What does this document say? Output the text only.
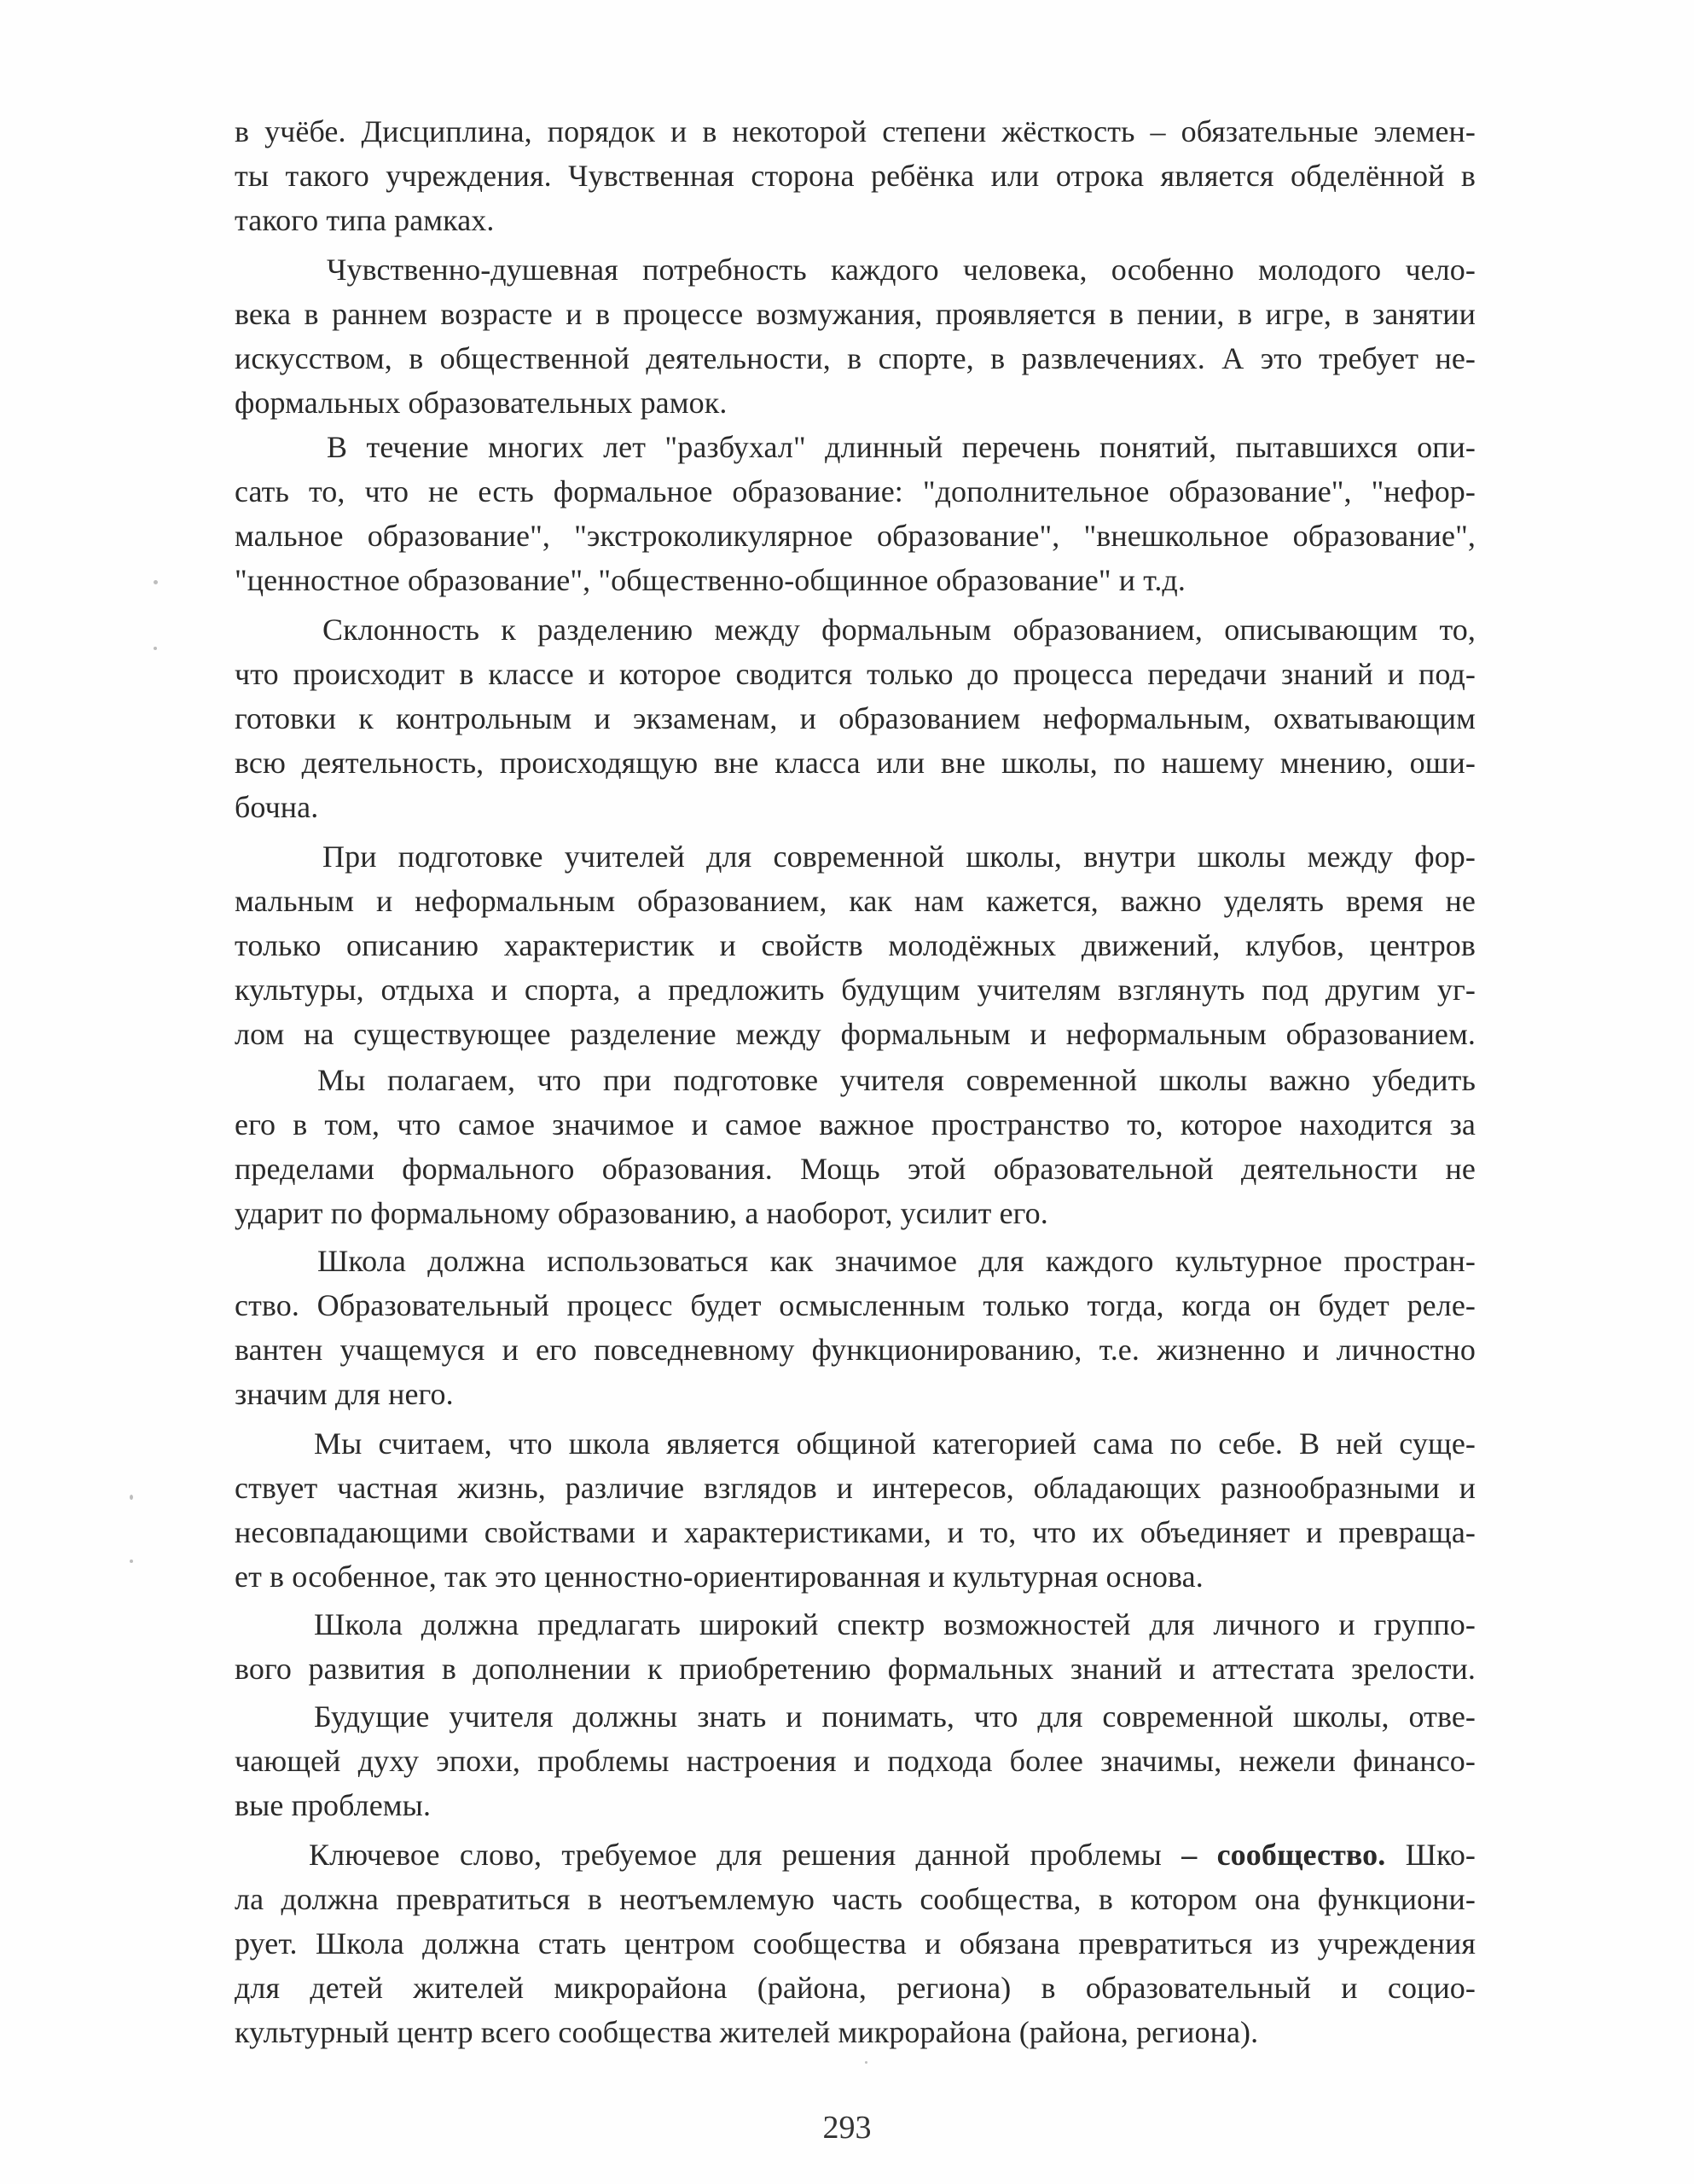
в учёбе. Дисциплина, порядок и в некоторой степени жёсткость – обязательные элемен-
ты такого учреждения. Чувственная сторона ребёнка или отрока является обделённой в
такого типа рамках.
Чувственно-душевная потребность каждого человека, особенно молодого чело-
века в раннем возрасте и в процессе возмужания, проявляется в пении, в игре, в занятии
искусством, в общественной деятельности, в спорте, в развлечениях. А это требует не-
формальных образовательных рамок.
В течение многих лет "разбухал" длинный перечень понятий, пытавшихся опи-
сать то, что не есть формальное образование: "дополнительное образование", "нефор-
мальное образование", "экстроколикулярное образование", "внешкольное образование",
"ценностное образование", "общественно-общинное образование" и т.д.
Склонность к разделению между формальным образованием, описывающим то,
что происходит в классе и которое сводится только до процесса передачи знаний и под-
готовки к контрольным и экзаменам, и образованием неформальным, охватывающим
всю деятельность, происходящую вне класса или вне школы, по нашему мнению, оши-
бочна.
При подготовке учителей для современной школы, внутри школы между фор-
мальным и неформальным образованием, как нам кажется, важно уделять время не
только описанию характеристик и свойств молодёжных движений, клубов, центров
культуры, отдыха и спорта, а предложить будущим учителям взглянуть под другим уг-
лом на существующее разделение между формальным и неформальным образованием.
Мы полагаем, что при подготовке учителя современной школы важно убедить
его в том, что самое значимое и самое важное пространство то, которое находится за
пределами формального образования. Мощь этой образовательной деятельности не
ударит по формальному образованию, а наоборот, усилит его.
Школа должна использоваться как значимое для каждого культурное простран-
ство. Образовательный процесс будет осмысленным только тогда, когда он будет реле-
вантен учащемуся и его повседневному функционированию, т.е. жизненно и личностно
значим для него.
Мы считаем, что школа является общиной категорией сама по себе. В ней суще-
ствует частная жизнь, различие взглядов и интересов, обладающих разнообразными и
несовпадающими свойствами и характеристиками, и то, что их объединяет и превраща-
ет в особенное, так это ценностно-ориентированная и культурная основа.
Школа должна предлагать широкий спектр возможностей для личного и группо-
вого развития в дополнении к приобретению формальных знаний и аттестата зрелости.
Будущие учителя должны знать и понимать, что для современной школы, отве-
чающей духу эпохи, проблемы настроения и подхода более значимы, нежели финансо-
вые проблемы.
Ключевое слово, требуемое для решения данной проблемы – сообщество. Шко-
ла должна превратиться в неотъемлемую часть сообщества, в котором она функциони-
рует. Школа должна стать центром сообщества и обязана превратиться из учреждения
для детей жителей микрорайона (района, региона) в образовательный и социо-
культурный центр всего сообщества жителей микрорайона (района, региона).
293
